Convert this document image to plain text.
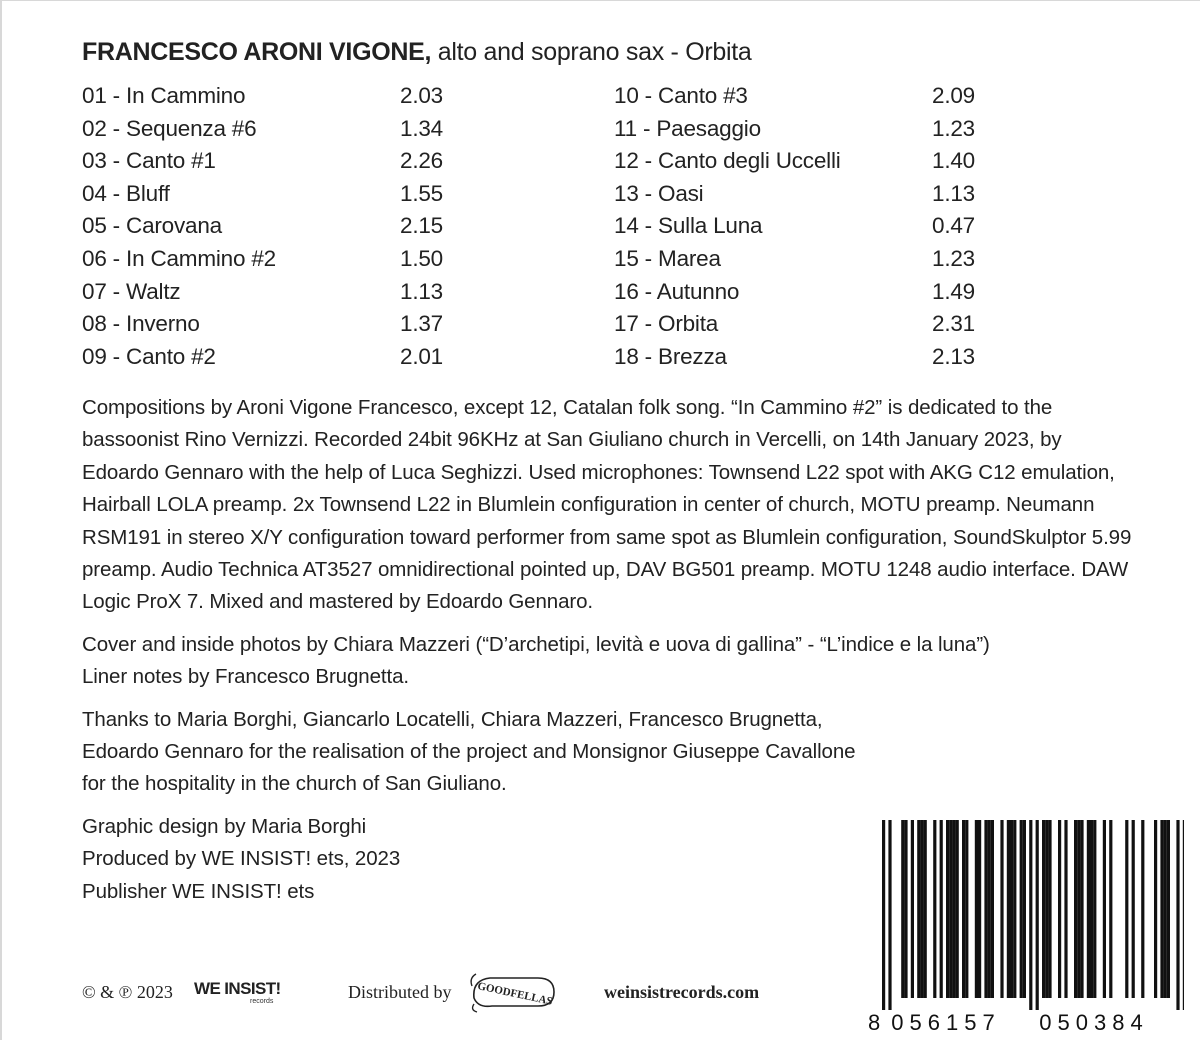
FRANCESCO ARONI VIGONE, alto and soprano sax - Orbita
01 - In Cammino	2.03
02 - Sequenza #6	1.34
03 - Canto #1	2.26
04 - Bluff	1.55
05 - Carovana	2.15
06 - In Cammino #2	1.50
07 - Waltz	1.13
08 - Inverno	1.37
09 - Canto #2	2.01
10 - Canto #3	2.09
11 - Paesaggio	1.23
12 - Canto degli Uccelli	1.40
13 - Oasi	1.13
14 - Sulla Luna	0.47
15 - Marea	1.23
16 - Autunno	1.49
17 - Orbita	2.31
18 - Brezza	2.13

Compositions by Aroni Vigone Francesco, except 12, Catalan folk song. “In Cammino #2” is dedicated to the bassoonist Rino Vernizzi. Recorded 24bit 96KHz at San Giuliano church in Vercelli, on 14th January 2023, by Edoardo Gennaro with the help of Luca Seghizzi. Used microphones: Townsend L22 spot with AKG C12 emulation, Hairball LOLA preamp. 2x Townsend L22 in Blumlein configuration in center of church, MOTU preamp. Neumann RSM191 in stereo X/Y configuration toward performer from same spot as Blumlein configuration, SoundSkulptor 5.99 preamp. Audio Technica AT3527 omnidirectional pointed up, DAV BG501 preamp. MOTU 1248 audio interface. DAW Logic ProX 7. Mixed and mastered by Edoardo Gennaro.

Cover and inside photos by Chiara Mazzeri (“D’archetipi, levità e uova di gallina” - “L’indice e la luna”)
Liner notes by Francesco Brugnetta.

Thanks to Maria Borghi, Giancarlo Locatelli, Chiara Mazzeri, Francesco Brugnetta,
Edoardo Gennaro for the realisation of the project and Monsignor Giuseppe Cavallone
for the hospitality in the church of San Giuliano.

Graphic design by Maria Borghi
Produced by WE INSIST! ets, 2023
Publisher WE INSIST! ets

© & ℗ 2023 WE INSIST!
records	Distributed by GOODFELLAS	weinsistrecords.com
8 056157 050384
